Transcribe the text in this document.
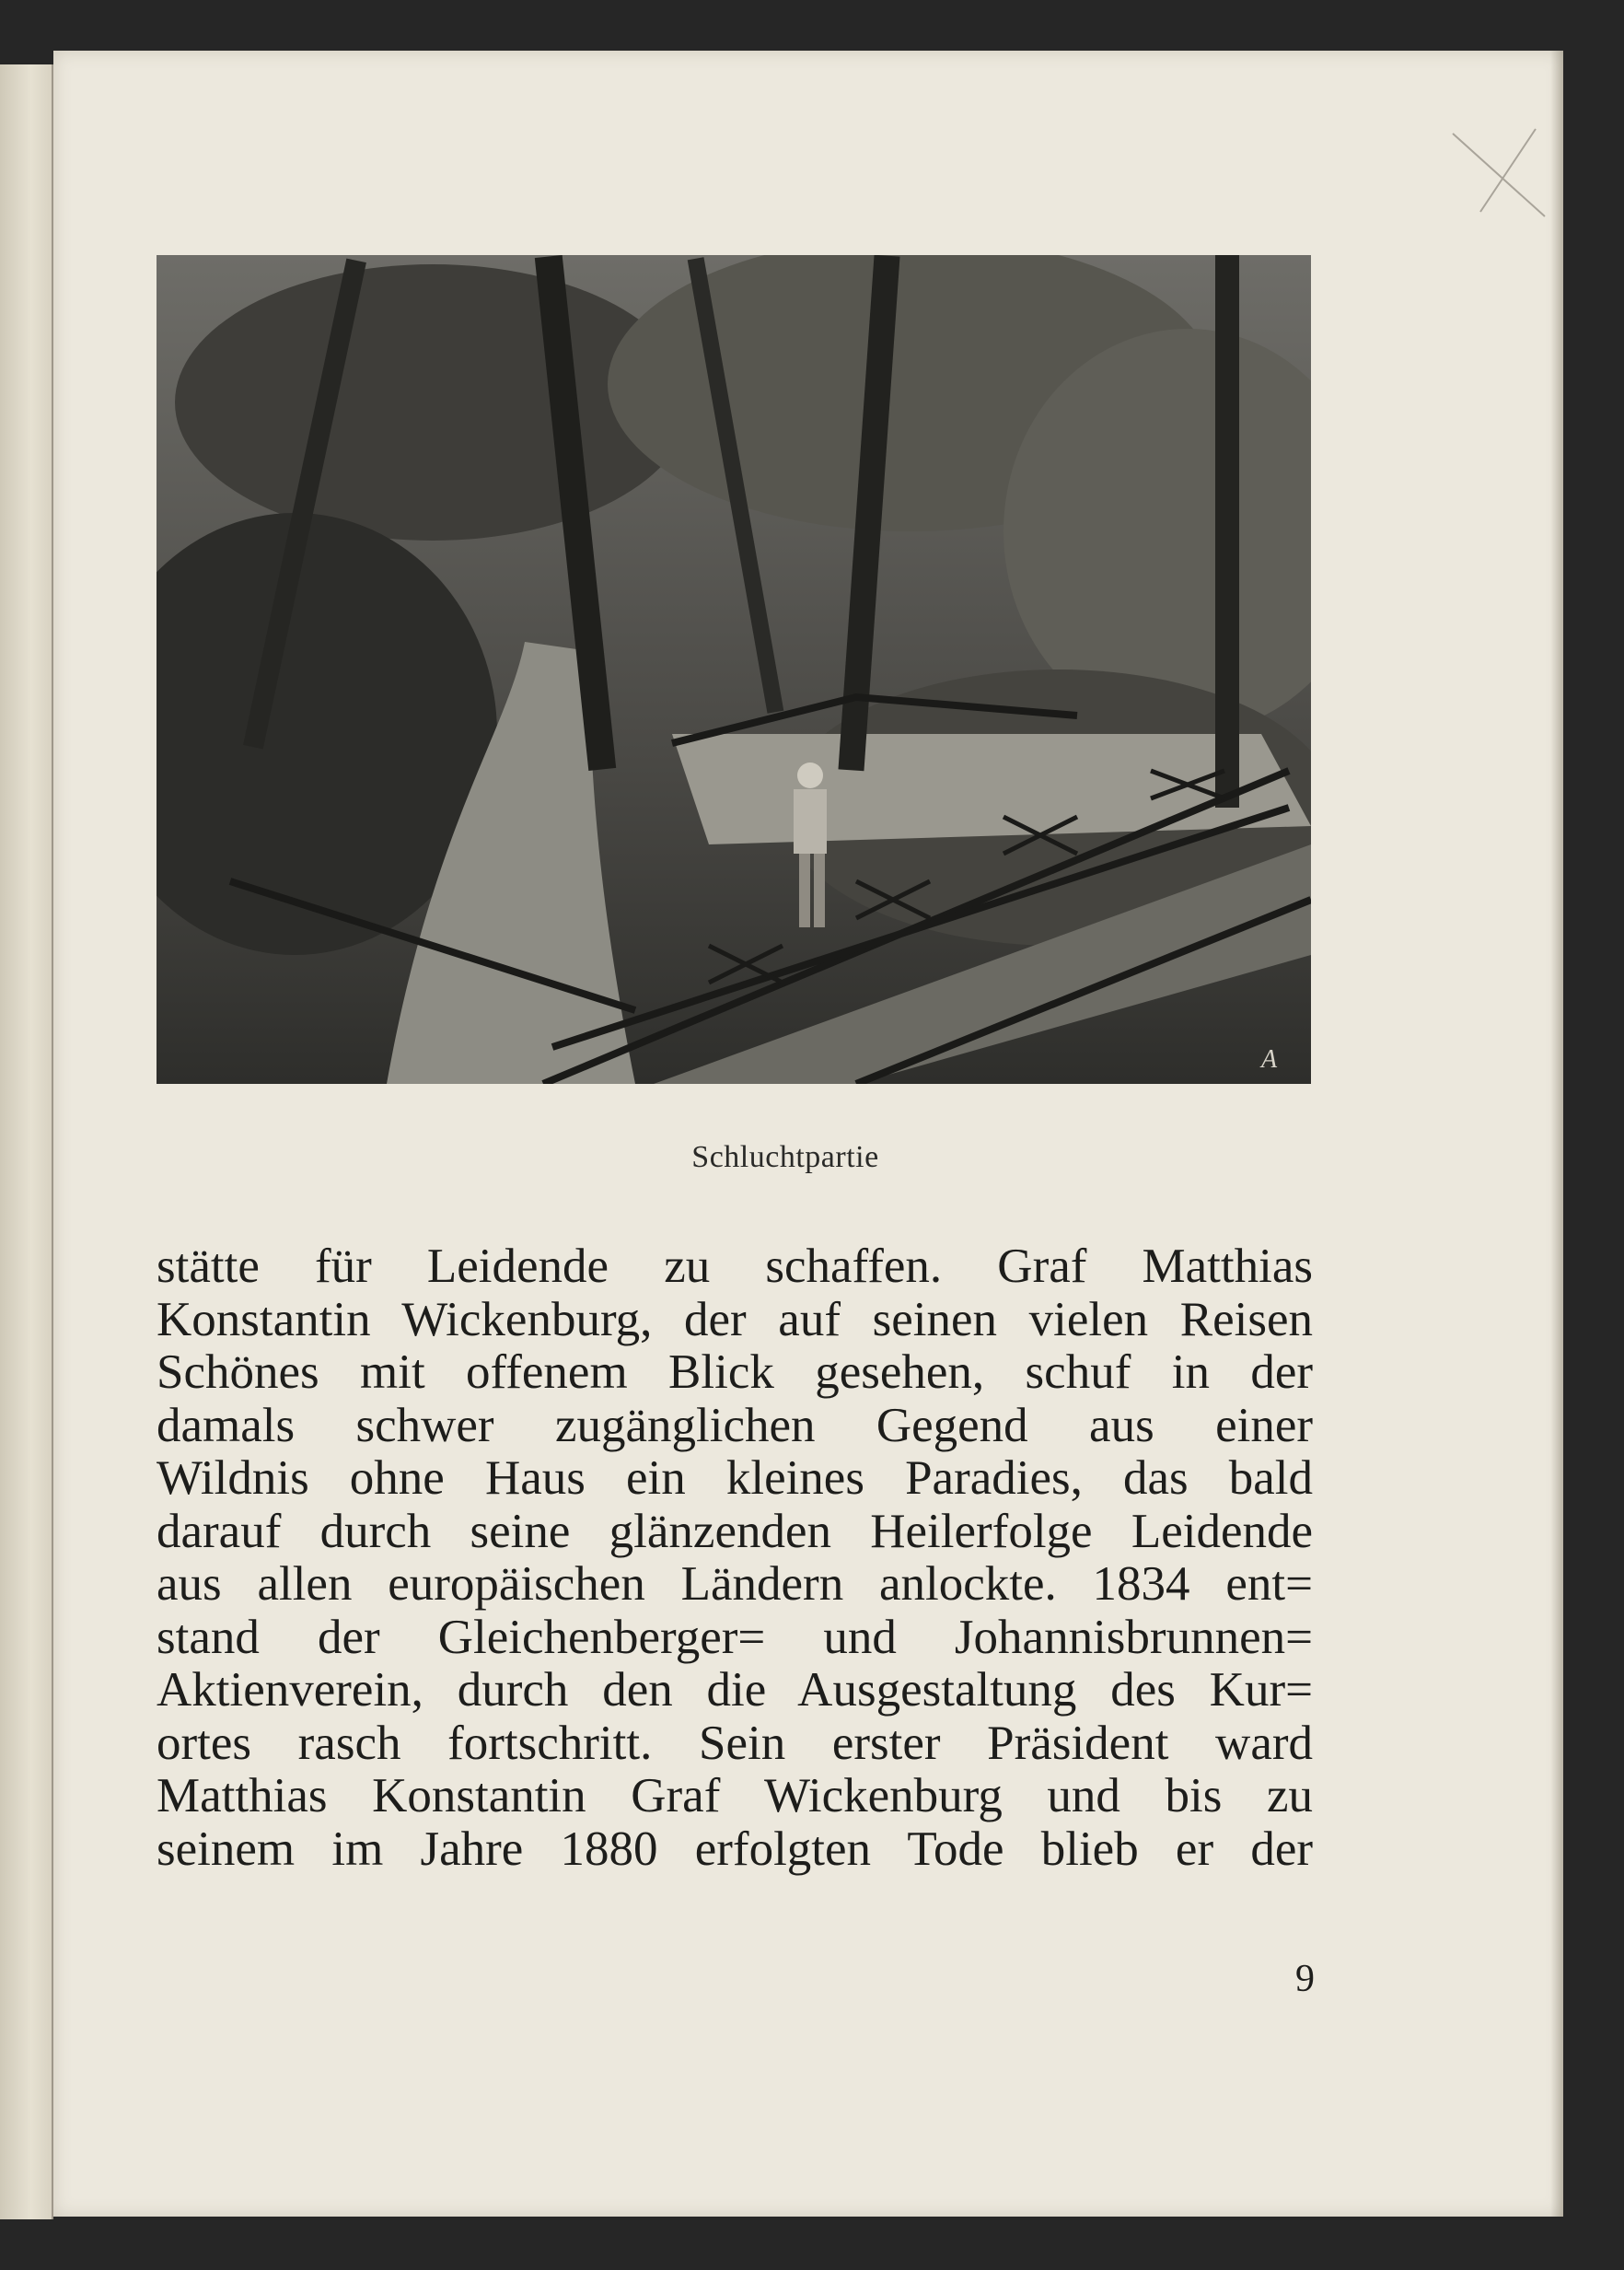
A
Schluchtpartie
stätte für Leidende zu schaffen. Graf Matthias
Konstantin Wickenburg, der auf seinen vielen Reisen
Schönes mit offenem Blick gesehen, schuf in der
damals schwer zugänglichen Gegend aus einer
Wildnis ohne Haus ein kleines Paradies, das bald
darauf durch seine glänzenden Heilerfolge Leidende
aus allen europäischen Ländern anlockte. 1834 ent=
stand der Gleichenberger= und Johannisbrunnen=
Aktienverein, durch den die Ausgestaltung des Kur=
ortes rasch fortschritt. Sein erster Präsident ward
Matthias Konstantin Graf Wickenburg und bis zu
seinem im Jahre 1880 erfolgten Tode blieb er der
9
